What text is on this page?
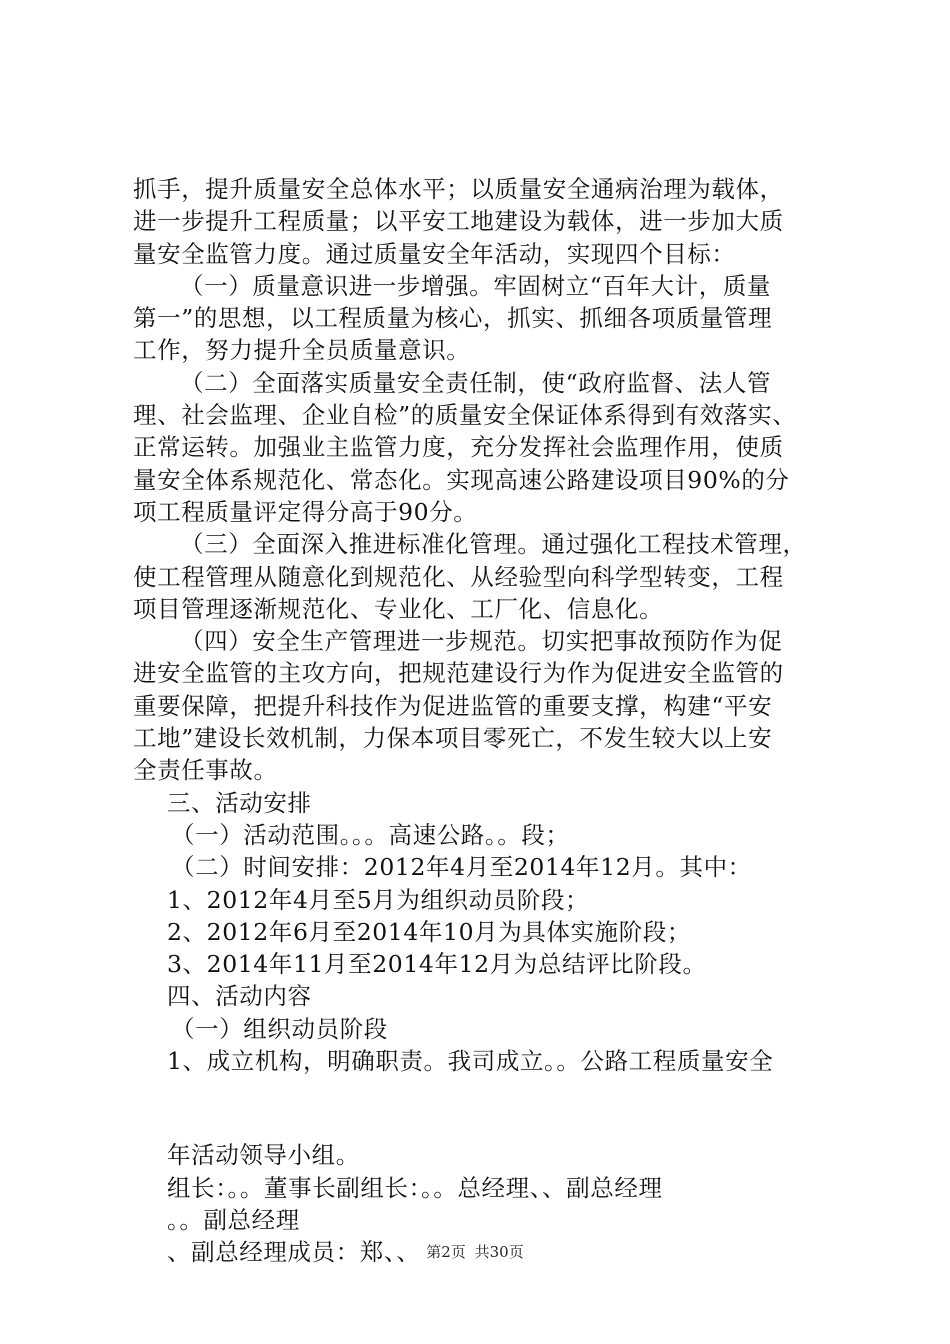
抓手，提升质量安全总体水平；以质量安全通病治理为载体，
进一步提升工程质量；以平安工地建设为载体，进一步加大质
量安全监管力度。通过质量安全年活动，实现四个目标：
（一）质量意识进一步增强。牢固树立“百年大计，质量
第一”的思想，以工程质量为核心，抓实、抓细各项质量管理
工作，努力提升全员质量意识。
（二）全面落实质量安全责任制，使“政府监督、法人管
理、社会监理、企业自检”的质量安全保证体系得到有效落实、
正常运转。加强业主监管力度，充分发挥社会监理作用，使质
量安全体系规范化、常态化。实现高速公路建设项目90%的分
项工程质量评定得分高于90分。
（三）全面深入推进标准化管理。通过强化工程技术管理，
使工程管理从随意化到规范化、从经验型向科学型转变，工程
项目管理逐渐规范化、专业化、工厂化、信息化。
（四）安全生产管理进一步规范。切实把事故预防作为促
进安全监管的主攻方向，把规范建设行为作为促进安全监管的
重要保障，把提升科技作为促进监管的重要支撑，构建“平安
工地”建设长效机制，力保本项目零死亡，不发生较大以上安
全责任事故。
三、活动安排
（一）活动范围。。。高速公路。。段；
（二）时间安排：2012年4月至2014年12月。其中：
1、2012年4月至5月为组织动员阶段；
2、2012年6月至2014年10月为具体实施阶段；
3、2014年11月至2014年12月为总结评比阶段。
四、活动内容
（一）组织动员阶段
1、成立机构，明确职责。我司成立。。公路工程质量安全
年活动领导小组。
组长：。。董事长副组长：。。总经理、、副总经理
。。副总经理
、副总经理成员：郑、、 第2页 共30页
